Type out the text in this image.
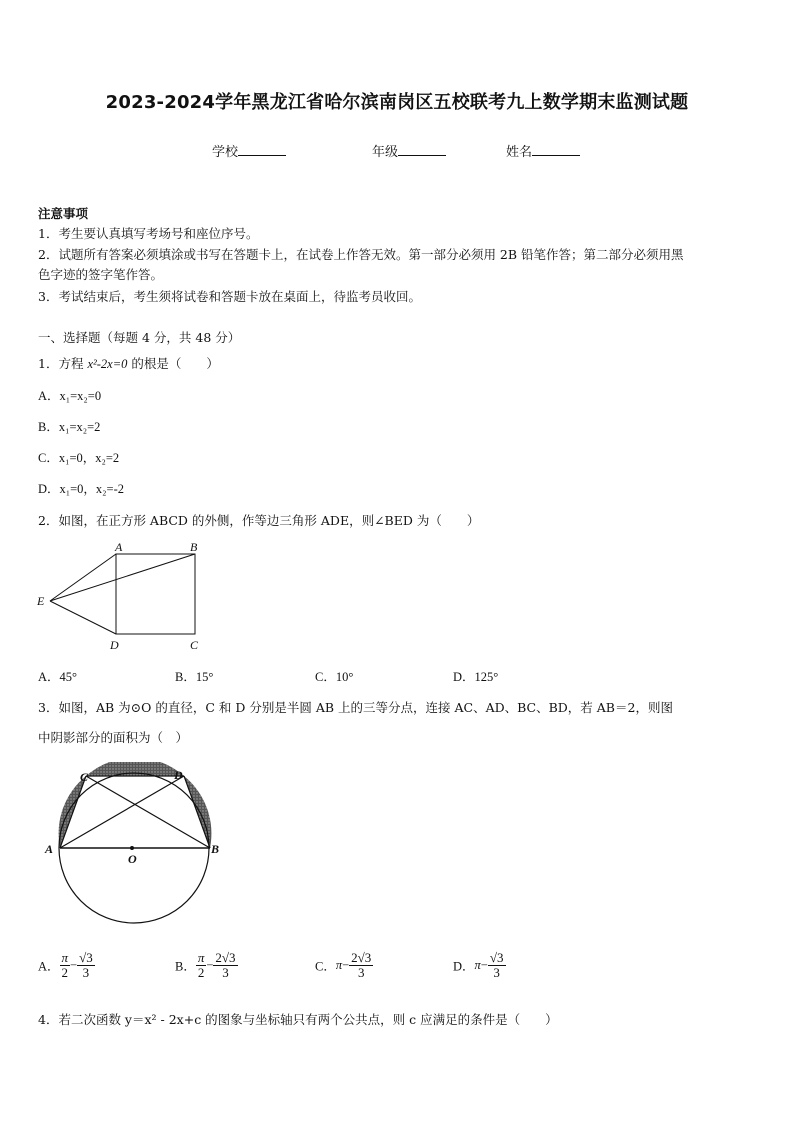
2023-2024学年黑龙江省哈尔滨南岗区五校联考九上数学期末监测试题
学校	年级	姓名
注意事项
1．考生要认真填写考场号和座位序号。
2．试题所有答案必须填涂或书写在答题卡上，在试卷上作答无效。第一部分必须用 2B 铅笔作答；第二部分必须用黑
色字迹的签字笔作答。
3．考试结束后，考生须将试卷和答题卡放在桌面上，待监考员收回。
一、选择题（每题 4 分，共 48 分）
1．方程 x²-2x=0 的根是（　　）
A．x₁=x₂=0
B．x₁=x₂=2
C．x₁=0，x₂=2
D．x₁=0，x₂=-2
2．如图，在正方形 ABCD 的外侧，作等边三角形 ADE，则∠BED 为（　　）
A	B
C
D
E
A．45°	B．15°	C．10°	D．125°
3．如图，AB 为⊙O 的直径，C 和 D 分别是半圆 AB 上的三等分点，连接 AC、AD、BC、BD，若 AB＝2，则图
中阴影部分的面积为（　）
C	D
A	B
O
A． $\frac{\pi}{2} - \frac{√3}{3}$	B． $\frac{\pi}{2} - \frac{2√3}{3}$	C．$\pi- \frac{2√3}{3}$	D．$\pi- \frac{√3}{3}$
4．若二次函数 y＝x² - 2x+c 的图象与坐标轴只有两个公共点，则 c 应满足的条件是（　　）
